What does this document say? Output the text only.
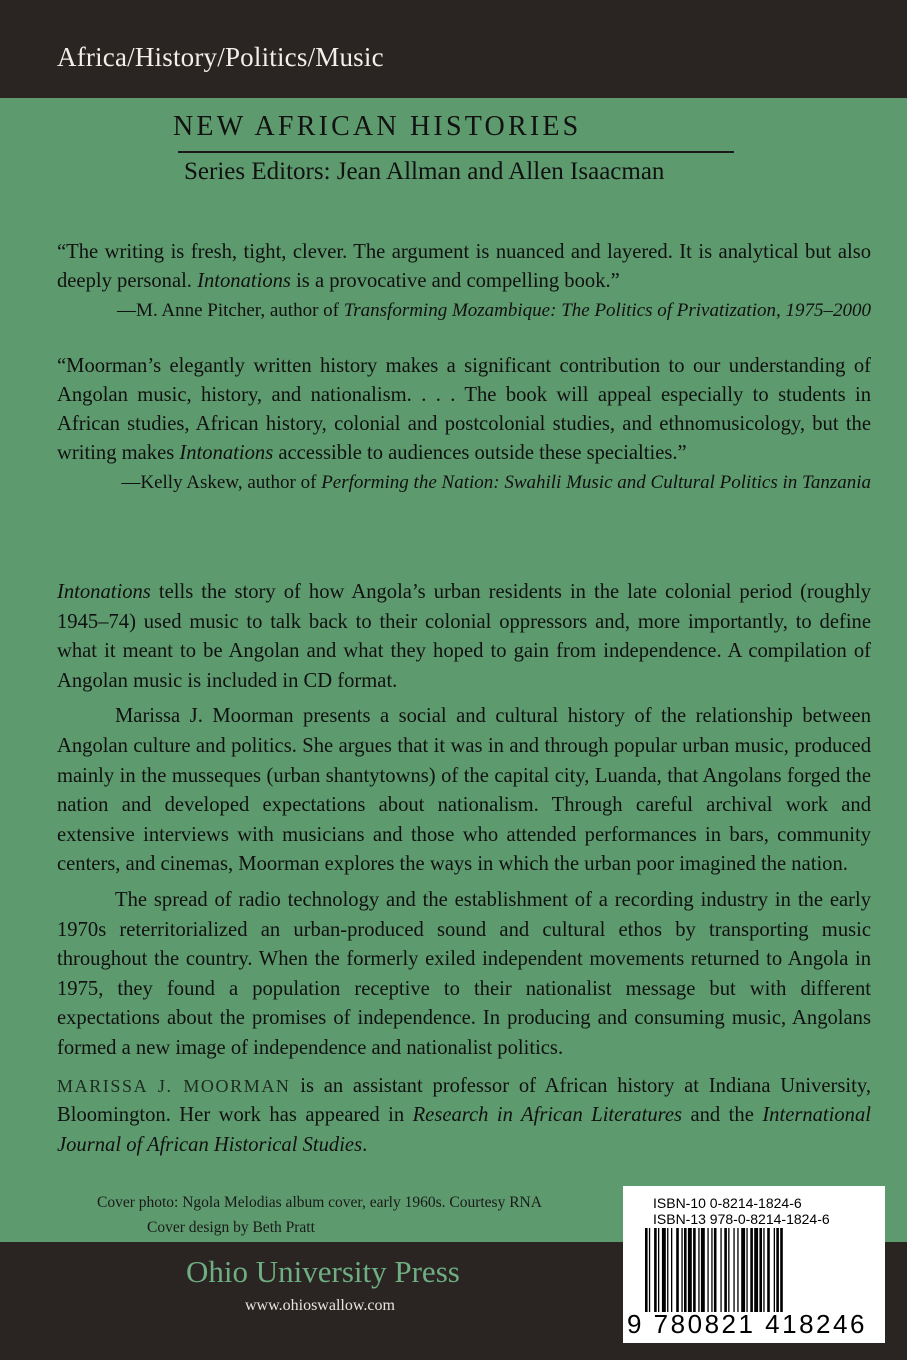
Africa/History/Politics/Music
NEW AFRICAN HISTORIES
Series Editors: Jean Allman and Allen Isaacman

“The writing is fresh, tight, clever. The argument is nuanced and layered. It is analytical but also deeply personal. Intonations is a provocative and compelling book.”

—M. Anne Pitcher, author of Transforming Mozambique: The Politics of Privatization, 1975–2000

“Moorman’s elegantly written history makes a significant contribution to our understanding of Angolan music, history, and nationalism. . . . The book will appeal especially to students in African studies, African history, colonial and postcolonial studies, and ethnomusicology, but the writing makes Intonations accessible to audiences outside these specialties.”

—Kelly Askew, author of Performing the Nation: Swahili Music and Cultural Politics in Tanzania

Intonations tells the story of how Angola’s urban residents in the late colonial period (roughly 1945–74) used music to talk back to their colonial oppressors and, more importantly, to define what it meant to be Angolan and what they hoped to gain from independence. A compilation of Angolan music is included in CD format.

Marissa J. Moorman presents a social and cultural history of the relationship between Angolan culture and politics. She argues that it was in and through popular urban music, produced mainly in the musseques (urban shantytowns) of the capital city, Luanda, that Angolans forged the nation and developed expectations about nationalism. Through careful archival work and extensive interviews with musicians and those who attended performances in bars, community centers, and cinemas, Moorman explores the ways in which the urban poor imagined the nation.

The spread of radio technology and the establishment of a recording industry in the early 1970s reterritorialized an urban-produced sound and cultural ethos by transporting music throughout the country. When the formerly exiled independent movements returned to Angola in 1975, they found a population receptive to their nationalist message but with different expectations about the promises of independence. In producing and consuming music, Angolans formed a new image of independence and nationalist politics.

MARISSA J. MOORMAN is an assistant professor of African history at Indiana University, Bloomington. Her work has appeared in Research in African Literatures and the International Journal of African Historical Studies.

Cover photo: Ngola Melodias album cover, early 1960s. Courtesy RNA
Cover design by Beth Pratt
Ohio University Press
www.ohioswallow.com
ISBN-10 0-8214-1824-6
ISBN-13 978-0-8214-1824-6
9 780821 418246
